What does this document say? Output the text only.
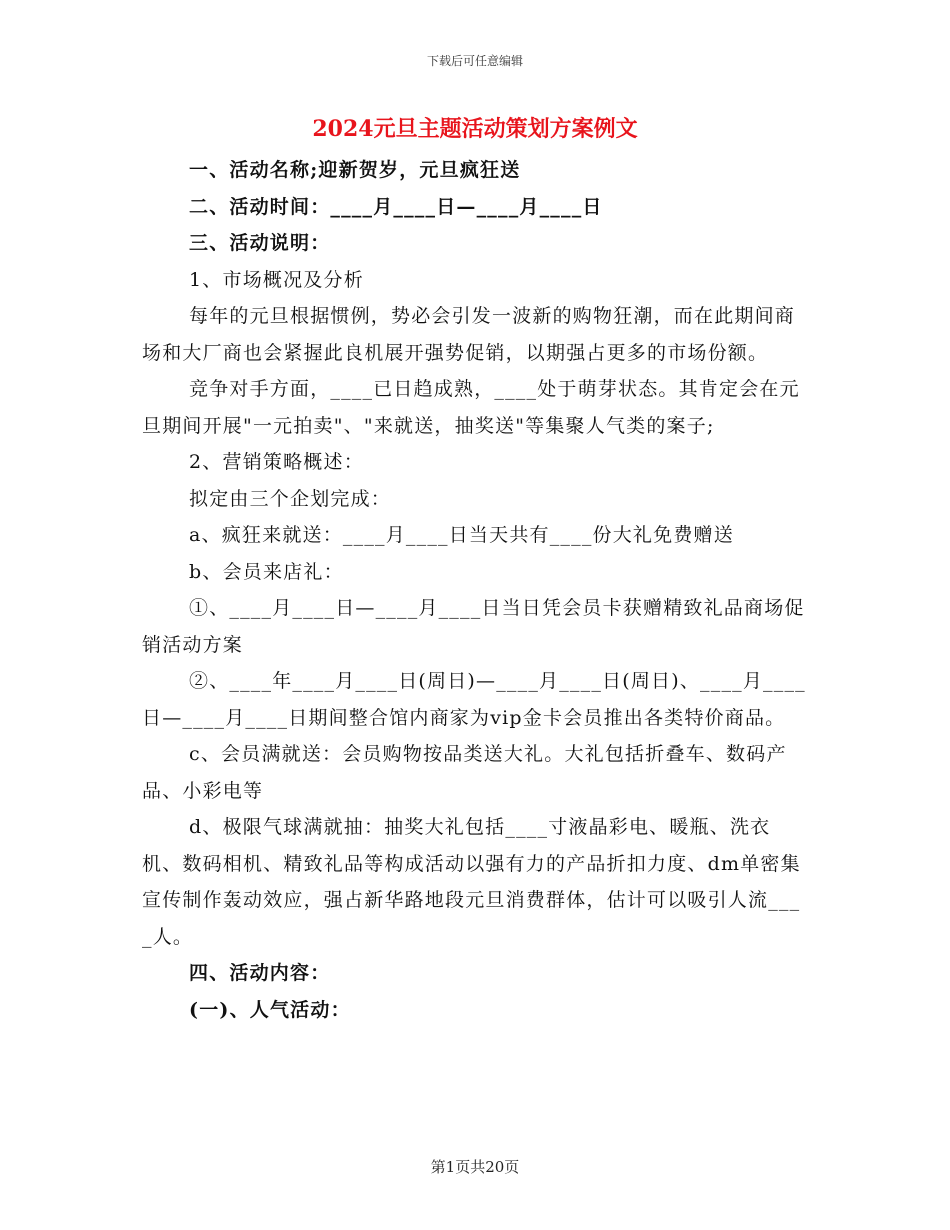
下载后可任意编辑
2024元旦主题活动策划方案例文

一、活动名称;迎新贺岁，元旦疯狂送

二、活动时间：____月____日—____月____日

三、活动说明：

1、市场概况及分析

每年的元旦根据惯例，势必会引发一波新的购物狂潮，而在此期间商场和大厂商也会紧握此良机展开强势促销，以期强占更多的市场份额。

竞争对手方面，____已日趋成熟，____处于萌芽状态。其肯定会在元旦期间开展"一元拍卖"、"来就送，抽奖送"等集聚人气类的案子;

2、营销策略概述：

拟定由三个企划完成：

a、疯狂来就送：____月____日当天共有____份大礼免费赠送

b、会员来店礼：

①、____月____日—____月____日当日凭会员卡获赠精致礼品商场促销活动方案

②、____年____月____日(周日)—____月____日(周日)、____月____日—____月____日期间整合馆内商家为vip金卡会员推出各类特价商品。

c、会员满就送：会员购物按品类送大礼。大礼包括折叠车、数码产品、小彩电等

d、极限气球满就抽：抽奖大礼包括____寸液晶彩电、暖瓶、洗衣机、数码相机、精致礼品等构成活动以强有力的产品折扣力度、dm单密集宣传制作轰动效应，强占新华路地段元旦消费群体，估计可以吸引人流____人。

四、活动内容：

(一)、人气活动：

第1页共20页
